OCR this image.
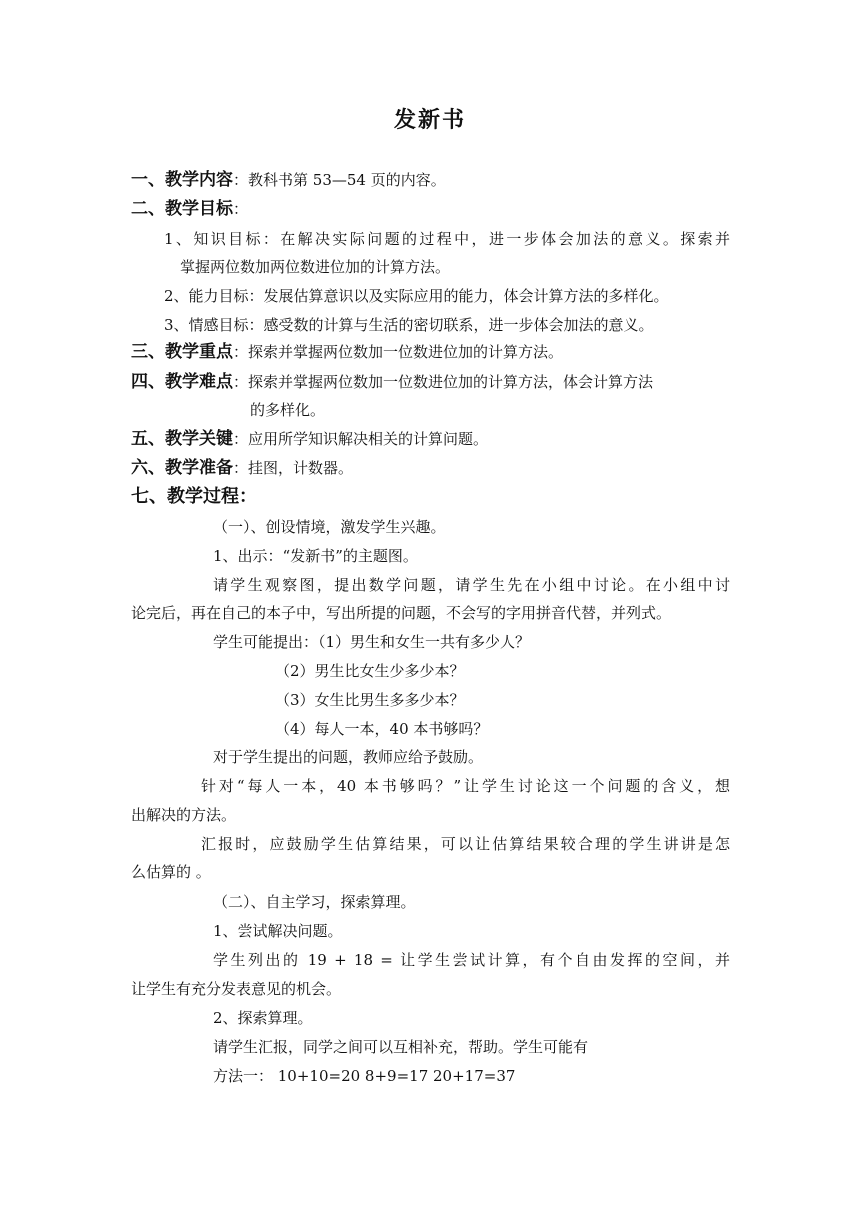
发新书
一、教学内容：教科书第 53—54 页的内容。
二、教学目标：
1、知识目标：在解决实际问题的过程中，进一步体会加法的意义。探索并
掌握两位数加两位数进位加的计算方法。
2、能力目标：发展估算意识以及实际应用的能力，体会计算方法的多样化。
3、情感目标：感受数的计算与生活的密切联系，进一步体会加法的意义。
三、教学重点：探索并掌握两位数加一位数进位加的计算方法。
四、教学难点：探索并掌握两位数加一位数进位加的计算方法，体会计算方法
的多样化。
五、教学关键：应用所学知识解决相关的计算问题。
六、教学准备：挂图，计数器。
七、教学过程：
（一）、创设情境，激发学生兴趣。
1、出示：“发新书”的主题图。
请学生观察图，提出数学问题，请学生先在小组中讨论。在小组中讨
论完后，再在自己的本子中，写出所提的问题，不会写的字用拼音代替，并列式。
学生可能提出：（1）男生和女生一共有多少人？
（2）男生比女生少多少本？
（3）女生比男生多多少本？
（4）每人一本，40 本书够吗？
对于学生提出的问题，教师应给予鼓励。
针对“每人一本，40 本书够吗？”让学生讨论这一个问题的含义，想
出解决的方法。
汇报时，应鼓励学生估算结果，可以让估算结果较合理的学生讲讲是怎
么估算的 。
（二）、自主学习，探索算理。
1、尝试解决问题。
学生列出的 19 + 18 = 让学生尝试计算，有个自由发挥的空间，并
让学生有充分发表意见的机会。
2、探索算理。
请学生汇报，同学之间可以互相补充，帮助。学生可能有
方法一： 10+10=20 8+9=17 20+17=37
